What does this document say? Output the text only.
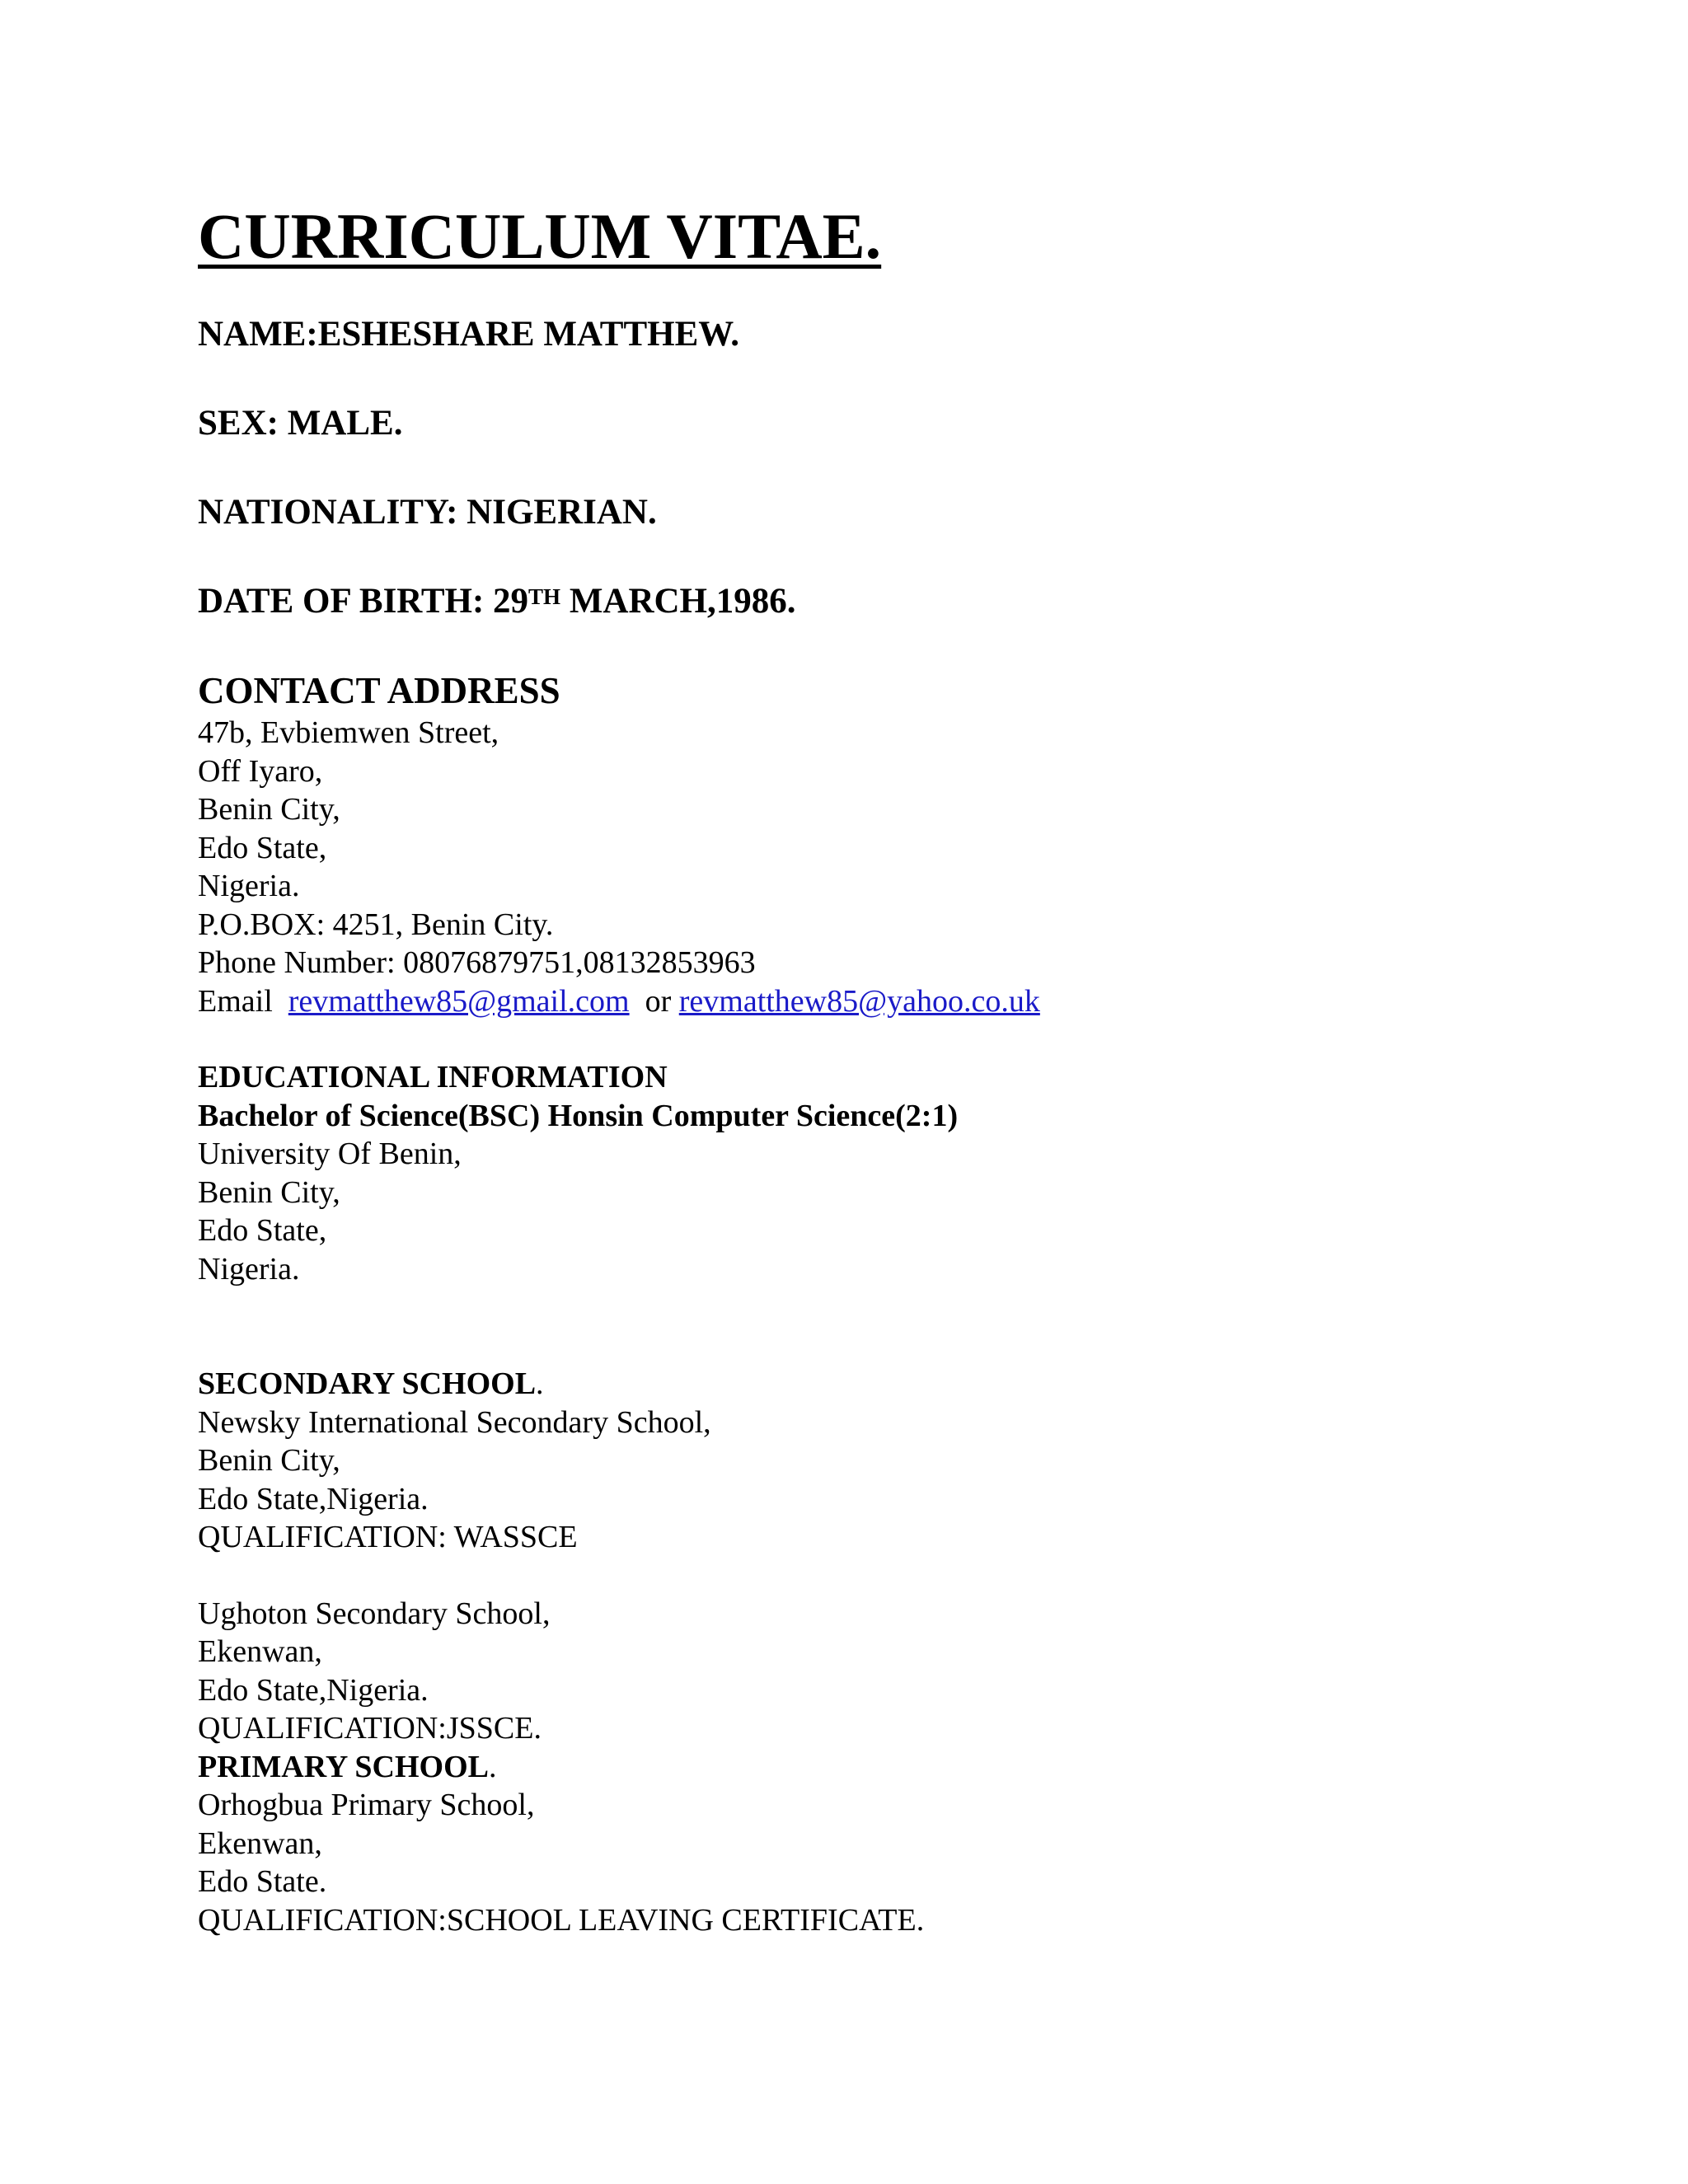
CURRICULUM VITAE.
NAME:ESHESHARE MATTHEW.
SEX: MALE.
NATIONALITY: NIGERIAN.
DATE OF BIRTH: 29TH MARCH,1986.
CONTACT ADDRESS
47b, Evbiemwen Street,
Off Iyaro,
Benin City,
Edo State,
Nigeria.
P.O.BOX: 4251, Benin City.
Phone Number: 08076879751,08132853963
Email revmatthew85@gmail.com or revmatthew85@yahoo.co.uk
EDUCATIONAL INFORMATION
Bachelor of Science(BSC) Honsin Computer Science(2:1)
University Of Benin,
Benin City,
Edo State,
Nigeria.
SECONDARY SCHOOL.
Newsky International Secondary School,
Benin City,
Edo State,Nigeria.
QUALIFICATION: WASSCE
Ughoton Secondary School,
Ekenwan,
Edo State,Nigeria.
QUALIFICATION:JSSCE.
PRIMARY SCHOOL.
Orhogbua Primary School,
Ekenwan,
Edo State.
QUALIFICATION:SCHOOL LEAVING CERTIFICATE.
